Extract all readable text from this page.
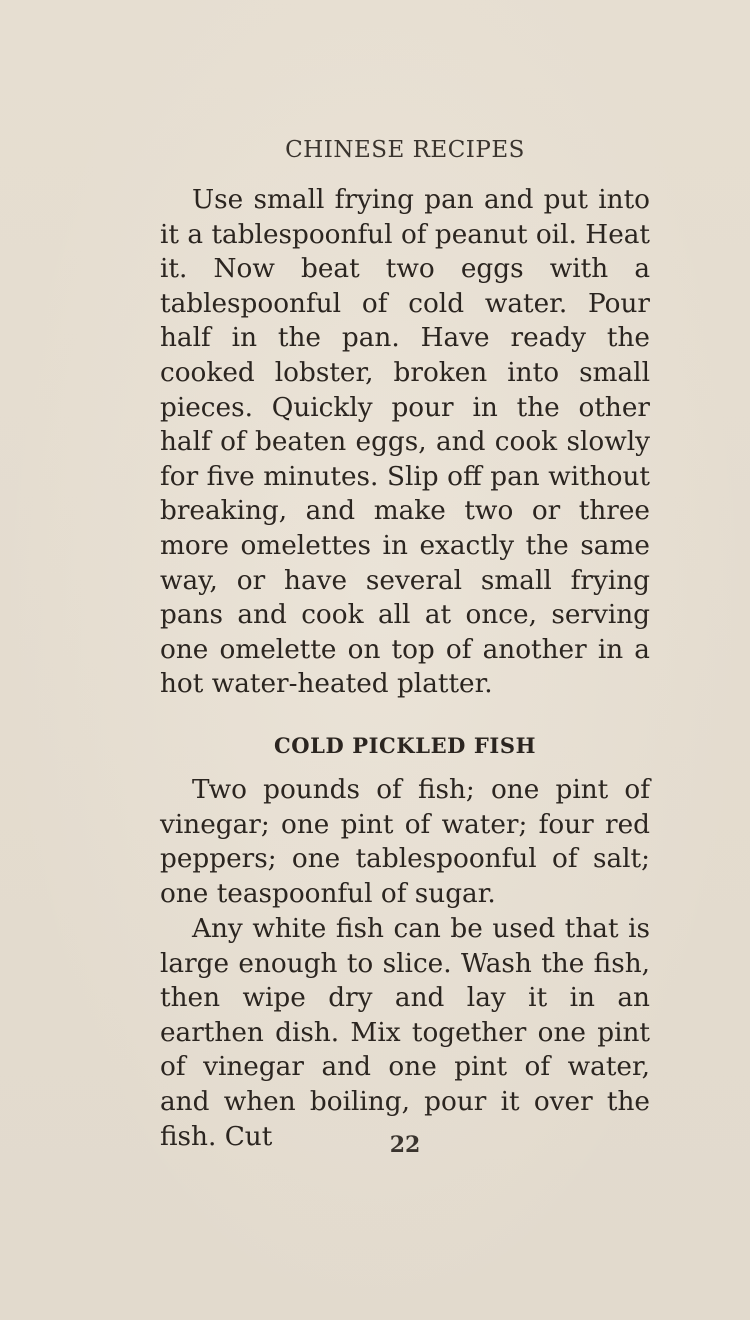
CHINESE RECIPES

Use small frying pan and put into it a tablespoonful of peanut oil. Heat it. Now beat two eggs with a tablespoonful of cold water. Pour half in the pan. Have ready the cooked lobster, broken into small pieces. Quickly pour in the other half of beaten eggs, and cook slowly for five minutes. Slip off pan without breaking, and make two or three more omelettes in exactly the same way, or have several small frying pans and cook all at once, serving one omelette on top of another in a hot water-heated platter.

COLD PICKLED FISH

Two pounds of fish; one pint of vinegar; one pint of water; four red peppers; one tablespoonful of salt; one teaspoonful of sugar.

Any white fish can be used that is large enough to slice. Wash the fish, then wipe dry and lay it in an earthen dish. Mix together one pint of vinegar and one pint of water, and when boiling, pour it over the fish. Cut	22
